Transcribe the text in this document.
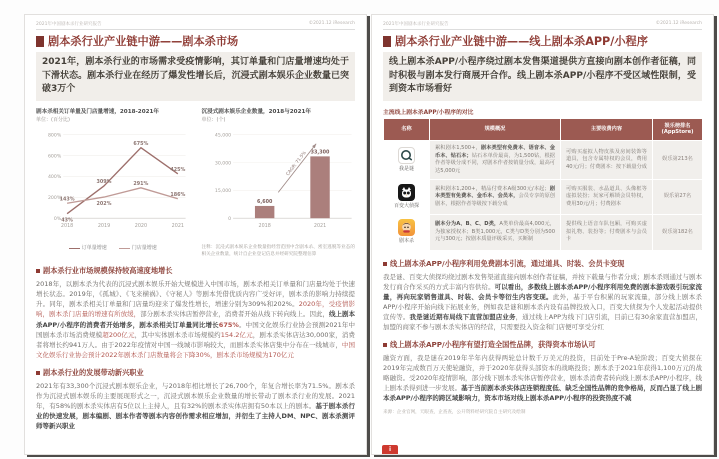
2021年中国剧本杀行业研究报告	©2021.12 iResearch
剧本杀行业产业链中游——剧本杀市场
2021年，剧本杀行业的市场需求受疫情影响，其订单量和门店量增速均处于下滑状态。剧本杀行业在经历了爆发性增长后，沉浸式剧本娱乐企业数量已突破3万个
剧本杀相关订单量及门店量增速，2018-2021年
单位：(百分比)
800%
600%
400%
200%
0%
2018	2019	2020	2021
43%
309%
675%
425%
143%
202%
291%
186%
订单量增速	门店量增速
沉浸式剧本娱乐企业数量，2018与2021年
单位：(个)
45,000
30,000
15,000
0
6,600
2018
33,300
2021
CAGR: 71.5%
注释：沉浸式剧本娱乐企业数量指经营范围中含剧本杀、密室逃脱等业态的相关企业数量，统计自企业登记信息并经研究院整理估算
剧本杀行业市场规模保持较高速度地增长
2018年，以剧本杀为代表的沉浸式剧本娱乐开始大规模进入中国市场，剧本杀相关订单量和门店量均处于快速增长状态。2019年，《孤城》、《飞来横祸》、《守秘人》等剧本凭借优质内容广受好评，剧本杀的影响力持续提升。同年，剧本杀相关订单量和门店量均迎来了爆发性增长，增速分别为309%和202%。2020年，受疫情影响，剧本杀门店量的增速有所放缓，部分剧本杀实体店暂停营业，消费者开始从线下转向线上。因此，线上剧本杀APP/小程序的消费者开始增多，剧本杀相关订单量同比增长675%。中国文化娱乐行业协会预测2021年中国剧本杀市场消费规模超200亿元，其中实体剧本杀市场规模约154.2亿元，剧本杀实体店达30,000家，消费者将增长约941万人。由于2022年疫情对中国一线城市影响较大，而剧本杀实体店集中分布在一线城市，中国文化娱乐行业协会预计2022年剧本杀门店数量将会下降30%，剧本杀市场规模为170亿元
剧本杀行业的发展带动新兴职业
2021年有33,300个沉浸式剧本娱乐企业，与2018年相比增长了26,700个，年复合增长率为71.5%。剧本杀作为沉浸式剧本娱乐的主要展现形式之一，沉浸式剧本娱乐企业数量的增长带动了剧本杀行业的发展。2021年，有58%的剧本杀实体店有5位以上主持人，且有32%的剧本杀实体店拥有50本以上的剧本。基于剧本杀行业的快速发展，剧本编剧、剧本作者等剧本内容创作需求相应增加，并衍生了主持人DM、NPC、剧本杀测评师等新兴职业
2021年中国剧本杀行业研究报告	©2021.12 iResearch
剧本杀行业产业链中游——线上剧本杀APP/小程序
线上剧本杀APP/小程序绕过剧本发售渠道提供方直接向剧本创作者征稿，同时积极与剧本发行商展开合作。线上剧本杀APP/小程序不受区域性限制，受到资本市场看好
主流线上剧本杀APP/小程序的对比
名称	规模概况	主要收费内容	娱乐榜排名(AppStore)

我是谜	累积剧本1,500+，剧本类型有免费本、语音本、金币本、钻石本；钻石本单价最高，为1,500钻，根据作者等级分成不同，对剧本作者按销量分成，最高可达5,000元	可购买虚拟人物皮肤及房间装饰等道具，包含专属特权的会员，费用40元/月；付费剧本：按下载量分成	娱乐第213名

百变大侦探	累积剧本1,200+，精品付费本A级300元/本起；剧本类型有免费本、金币本、会员本，会员专享的原创剧本，根据作者等级按下载分成	可购买服装、水晶道具、头像框等虚拟装扮；玩家可解锁会员特权，费用30元/月；付费剧本	娱乐第27名

剧本杀	剧本分为A、B、C、D类，A类单价最高4,000元，为独家授权本；B类1,000元，C类与D类分别为500元与300元；按剧本质量评级采买，买断制	提供线上语音车队包厢，可购买虚拟礼物、装扮等；付费剧本与会员卡	娱乐第182名
线上剧本杀APP/小程序利用免费剧本引流，通过道具、时装、会员卡变现
我是谜、百变大侦探均绕过剧本发售渠道直接向剧本创作者征稿，并按下载量与作者分成；剧本杀则通过与剧本发行商合作采买的方式丰富内容供给。可以看出，多数线上剧本杀APP/小程序利用免费的剧本游戏吸引玩家流量，再向玩家销售道具、时装、会员卡等衍生内容变现。此外，基于平台积累的玩家流量，部分线上剧本杀APP/小程序开始向线下拓展业务，例如我是谜和剧本杀内设有品牌投放入口，百变大侦探为个人发起活动提供宣传等。我是谜近期布局线下直营加盟店业务，通过线上APP为线下门店引流，目前已有30余家直营加盟店，加盟的商家不参与剧本杀实体店的经营，只需要投入资金和门店便可享受分红
线上剧本杀APP/小程序有望打造全国性品牌，获得资本市场认可
融资方面，我是谜在2019年半年内获得两轮总计数千万美元的投资，目前处于Pre-A轮阶段；百变大侦探在2019年完成数百万天使轮融资，并于2020年获得头部资本的战略投资；剧本杀于2021年获得1,100万元的战略融资。受2020年疫情影响，部分线下剧本杀实体店暂停营业，剧本杀消费者转向线上剧本杀APP/小程序，线上剧本杀得到进一步发展。基于当前剧本杀实体店连锁程度低、缺乏全国性品牌的竞争格局，反而凸显了线上剧本杀APP/小程序的跨区域影响力，资本市场对线上剧本杀APP/小程序的投资热度不减
来源：企业官网，天眼查，企查查，公开资料经研究院自主研究及绘制
i
